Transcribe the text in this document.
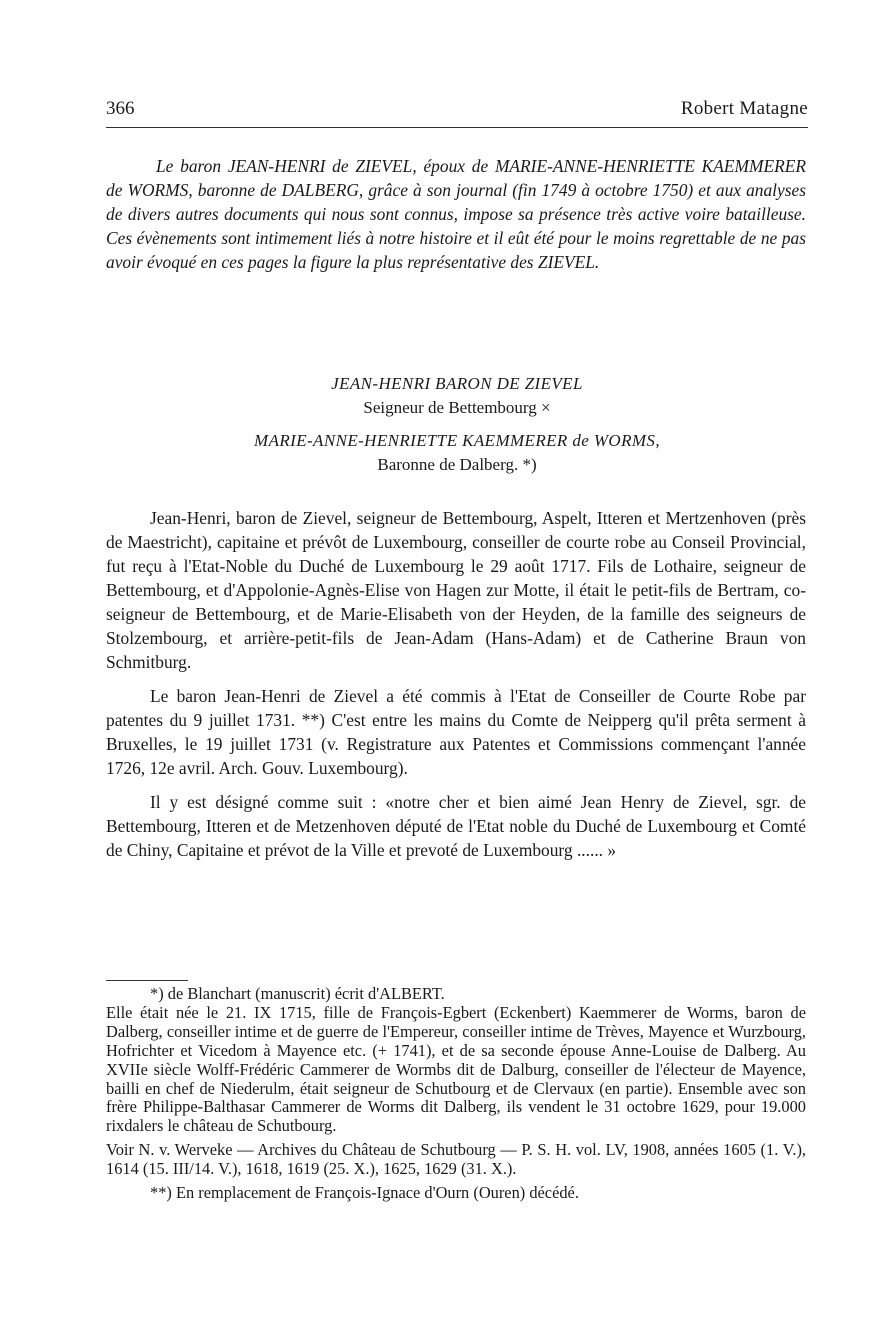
366	Robert Matagne

Le baron JEAN-HENRI de ZIEVEL, époux de MARIE-ANNE-HENRIETTE KAEMMERER de WORMS, baronne de DALBERG, grâce à son journal (fin 1749 à octobre 1750) et aux analyses de divers autres documents qui nous sont connus, impose sa présence très active voire batailleuse. Ces évènements sont intimement liés à notre histoire et il eût été pour le moins regrettable de ne pas avoir évoqué en ces pages la figure la plus représentative des ZIEVEL.

JEAN-HENRI BARON DE ZIEVEL
Seigneur de Bettembourg ×
MARIE-ANNE-HENRIETTE KAEMMERER de WORMS,
Baronne de Dalberg. *)

Jean-Henri, baron de Zievel, seigneur de Bettembourg, Aspelt, Itteren et Mertzenhoven (près de Maestricht), capitaine et prévôt de Luxembourg, conseiller de courte robe au Conseil Provincial, fut reçu à l'Etat-Noble du Duché de Luxembourg le 29 août 1717. Fils de Lothaire, seigneur de Bettembourg, et d'Appolonie-Agnès-Elise von Hagen zur Motte, il était le petit-fils de Bertram, co-seigneur de Bettembourg, et de Marie-Elisabeth von der Heyden, de la famille des seigneurs de Stolzembourg, et arrière-petit-fils de Jean-Adam (Hans-Adam) et de Catherine Braun von Schmitburg.

Le baron Jean-Henri de Zievel a été commis à l'Etat de Conseiller de Courte Robe par patentes du 9 juillet 1731. **) C'est entre les mains du Comte de Neipperg qu'il prêta serment à Bruxelles, le 19 juillet 1731 (v. Registrature aux Patentes et Commissions commençant l'année 1726, 12e avril. Arch. Gouv. Luxembourg).

Il y est désigné comme suit : «notre cher et bien aimé Jean Henry de Zievel, sgr. de Bettembourg, Itteren et de Metzenhoven député de l'Etat noble du Duché de Luxembourg et Comté de Chiny, Capitaine et prévot de la Ville et prevoté de Luxembourg ...... »

*) de Blanchart (manuscrit) écrit d'ALBERT.

Elle était née le 21. IX 1715, fille de François-Egbert (Eckenbert) Kaemmerer de Worms, baron de Dalberg, conseiller intime et de guerre de l'Empereur, conseiller intime de Trèves, Mayence et Wurzbourg, Hofrichter et Vicedom à Mayence etc. (+ 1741), et de sa seconde épouse Anne-Louise de Dalberg. Au XVIIe siècle Wolff-Frédéric Cammerer de Wormbs dit de Dalburg, conseiller de l'électeur de Mayence, bailli en chef de Niederulm, était seigneur de Schutbourg et de Clervaux (en partie). Ensemble avec son frère Philippe-Balthasar Cammerer de Worms dit Dalberg, ils vendent le 31 octobre 1629, pour 19.000 rixdalers le château de Schutbourg.

Voir N. v. Werveke — Archives du Château de Schutbourg — P. S. H. vol. LV, 1908, années 1605 (1. V.), 1614 (15. III/14. V.), 1618, 1619 (25. X.), 1625, 1629 (31. X.).

**) En remplacement de François-Ignace d'Ourn (Ouren) décédé.
